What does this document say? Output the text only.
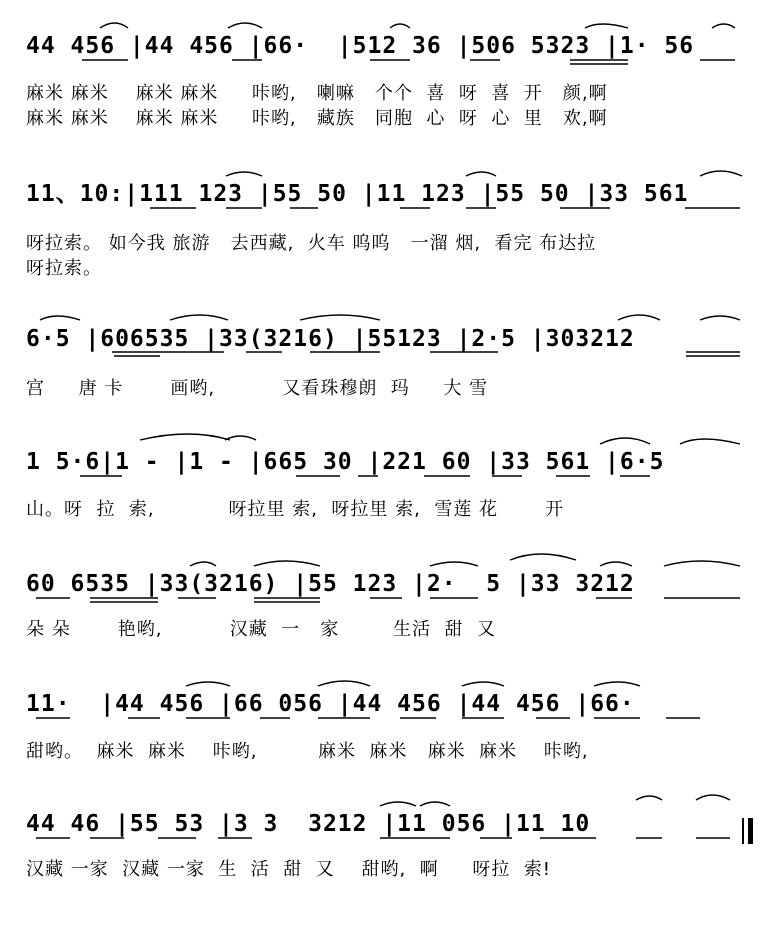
44 456 |44 456 |66·  |512 36 |506 5323 |1· 56
麻米 麻米    麻米 麻米     咔哟,   喇嘛   个个  喜  呀  喜  开   颜,啊
麻米 麻米    麻米 麻米     咔哟,   藏族   同胞  心  呀  心  里   欢,啊
11、10:|111 123 |55 50 |11 123 |55 50 |33 561
呀拉索。 如今我 旅游   去西藏,  火车 呜呜   一溜 烟,  看完 布达拉
呀拉索。
6·5 |606535 |33(3216) |55123 |2·5 |303212
宫     唐 卡       画哟,          又看珠穆朗  玛     大 雪
1 5·6|1 - |1 - |665 30 |221 60 |33 561 |6·5
山。呀  拉  索,           呀拉里 索,  呀拉里 索,  雪莲 花       开
60 6535 |33(3216) |55 123 |2·  5 |33 3212
朵 朵       艳哟,          汉藏  一   家        生活  甜  又
11·  |44 456 |66 056 |44 456 |44 456 |66·
甜哟。  麻米  麻米    咔哟,         麻米  麻米   麻米  麻米    咔哟,
44 46 |55 53 |3 3  3212 |11 056 |11 10
汉藏 一家  汉藏 一家  生  活  甜  又    甜哟,  啊     呀拉  索!
